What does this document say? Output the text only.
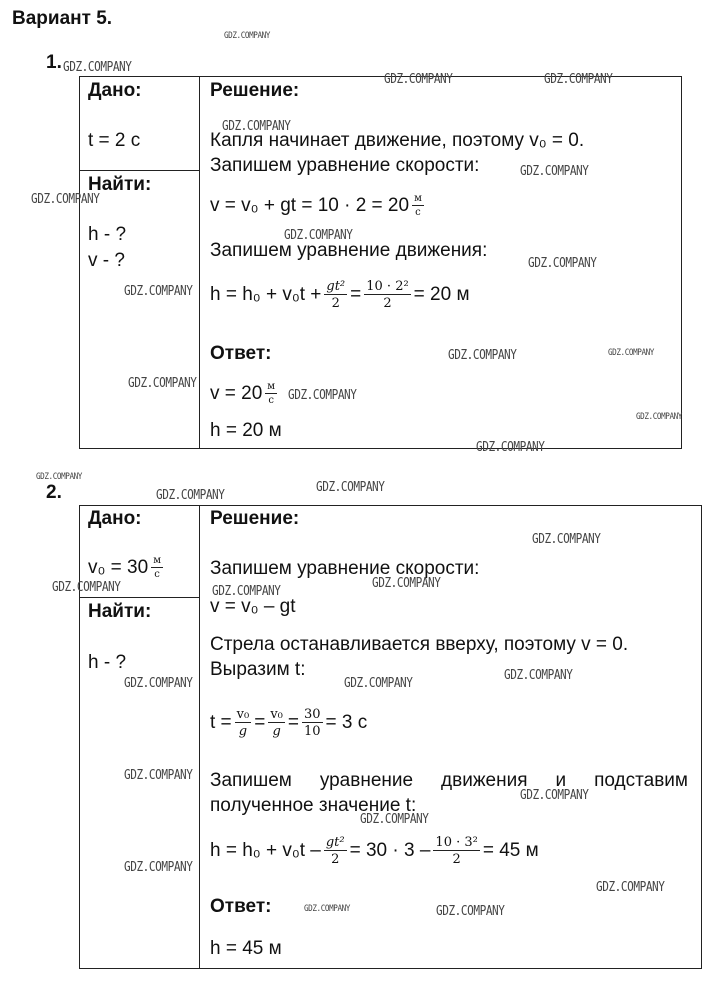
Вариант 5.
1.
Дано:
t = 2 с
Найти:
h - ?
v - ?
Решение:
Капля начинает движение, поэтому v₀ = 0.
Запишем уравнение скорости:
v = v₀ + gt = $10 \cdot 2 = 20 \frac{м}{с}$
Запишем уравнение движения:
$h = h_0 + v_0t + \frac{\text{gt²}}{2} = \frac{\text{10 · 2²}}{2} = 20$ м
Ответ:
$v = 20 \frac{м}{с}$
h = 20 м
2.
Дано:
$v_0 = 30 \frac{м}{с}$
Найти:
h - ?
Решение:
Запишем уравнение скорости:
v = v₀ – gt
Стрела останавливается вверху, поэтому v = 0.
Выразим t:
$t = \frac{\text{v₀}}{g} = \frac{\text{v₀}}{g} = \frac{30}{10} = 3$ с
Запишем уравнение движения и подставим
полученное значение t:
$h = h_0 + v_0t - \frac{\text{gt²}}{2} = 30 \cdot 3 - \frac{\text{10 · 3²}}{2} = 45$ м
Ответ:
h = 45 м
GDZ.COMPANY
GDZ.COMPANY
GDZ.COMPANY	GDZ.COMPANY
GDZ.COMPANY
GDZ.COMPANY
GDZ.COMPANY
GDZ.COMPANY
GDZ.COMPANY
GDZ.COMPANY
GDZ.COMPANY	GDZ.COMPANY
GDZ.COMPANY
GDZ.COMPANY
GDZ.COMPANY
GDZ.COMPANY
GDZ.COMPANY
GDZ.COMPANY
GDZ.COMPANY
GDZ.COMPANY
GDZ.COMPANY
GDZ.COMPANY	GDZ.COMPANY
GDZ.COMPANY
GDZ.COMPANY	GDZ.COMPANY
GDZ.COMPANY
GDZ.COMPANY
GDZ.COMPANY
GDZ.COMPANY
GDZ.COMPANY
GDZ.COMPANY	GDZ.COMPANY
